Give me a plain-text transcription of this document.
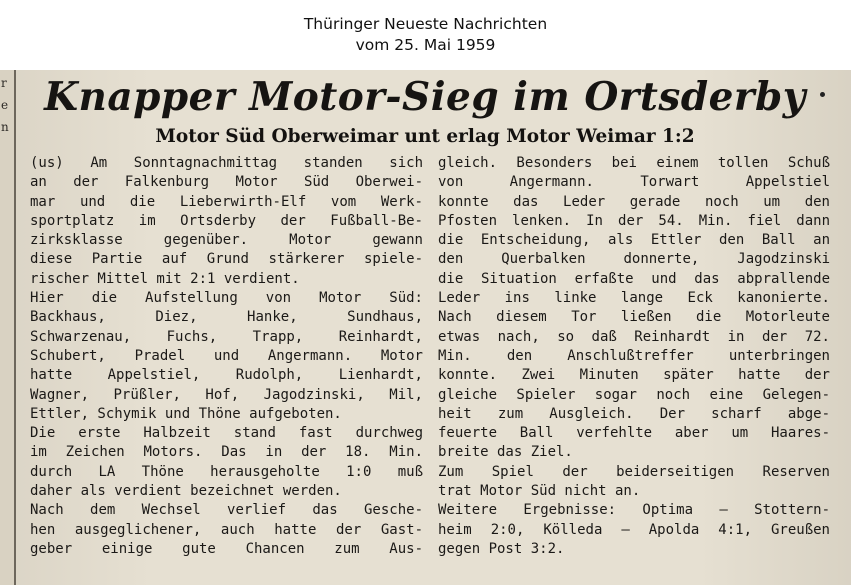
Thüringer Neueste Nachrichten
vom 25. Mai 1959
r
e
n
Knapper Motor-Sieg im Ortsderby
Motor Süd Oberweimar unt erlag Motor Weimar 1:2
(us) Am Sonntagnachmittag standen sich
an der Falkenburg Motor Süd Oberwei-
mar und die Lieberwirth-Elf vom Werk-
sportplatz im Ortsderby der Fußball-Be-
zirksklasse gegenüber. Motor gewann
diese Partie auf Grund stärkerer spiele-
rischer Mittel mit 2:1 verdient.
Hier die Aufstellung von Motor Süd:
Backhaus, Diez, Hanke, Sundhaus,
Schwarzenau, Fuchs, Trapp, Reinhardt,
Schubert, Pradel und Angermann. Motor
hatte Appelstiel, Rudolph, Lienhardt,
Wagner, Prüßler, Hof, Jagodzinski, Mil,
Ettler, Schymik und Thöne aufgeboten.
Die erste Halbzeit stand fast durchweg
im Zeichen Motors. Das in der 18. Min.
durch LA Thöne herausgeholte 1:0 muß
daher als verdient bezeichnet werden.
Nach dem Wechsel verlief das Gesche-
hen ausgeglichener, auch hatte der Gast-
geber einige gute Chancen zum Aus-
gleich. Besonders bei einem tollen Schuß
von Angermann. Torwart Appelstiel
konnte das Leder gerade noch um den
Pfosten lenken. In der 54. Min. fiel dann
die Entscheidung, als Ettler den Ball an
den Querbalken donnerte, Jagodzinski
die Situation erfaßte und das abprallende
Leder ins linke lange Eck kanonierte.
Nach diesem Tor ließen die Motorleute
etwas nach, so daß Reinhardt in der 72.
Min. den Anschlußtreffer unterbringen
konnte. Zwei Minuten später hatte der
gleiche Spieler sogar noch eine Gelegen-
heit zum Ausgleich. Der scharf abge-
feuerte Ball verfehlte aber um Haares-
breite das Ziel.
Zum Spiel der beiderseitigen Reserven
trat Motor Süd nicht an.
Weitere Ergebnisse: Optima — Stottern-
heim 2:0, Kölleda — Apolda 4:1, Greußen
gegen Post 3:2.
